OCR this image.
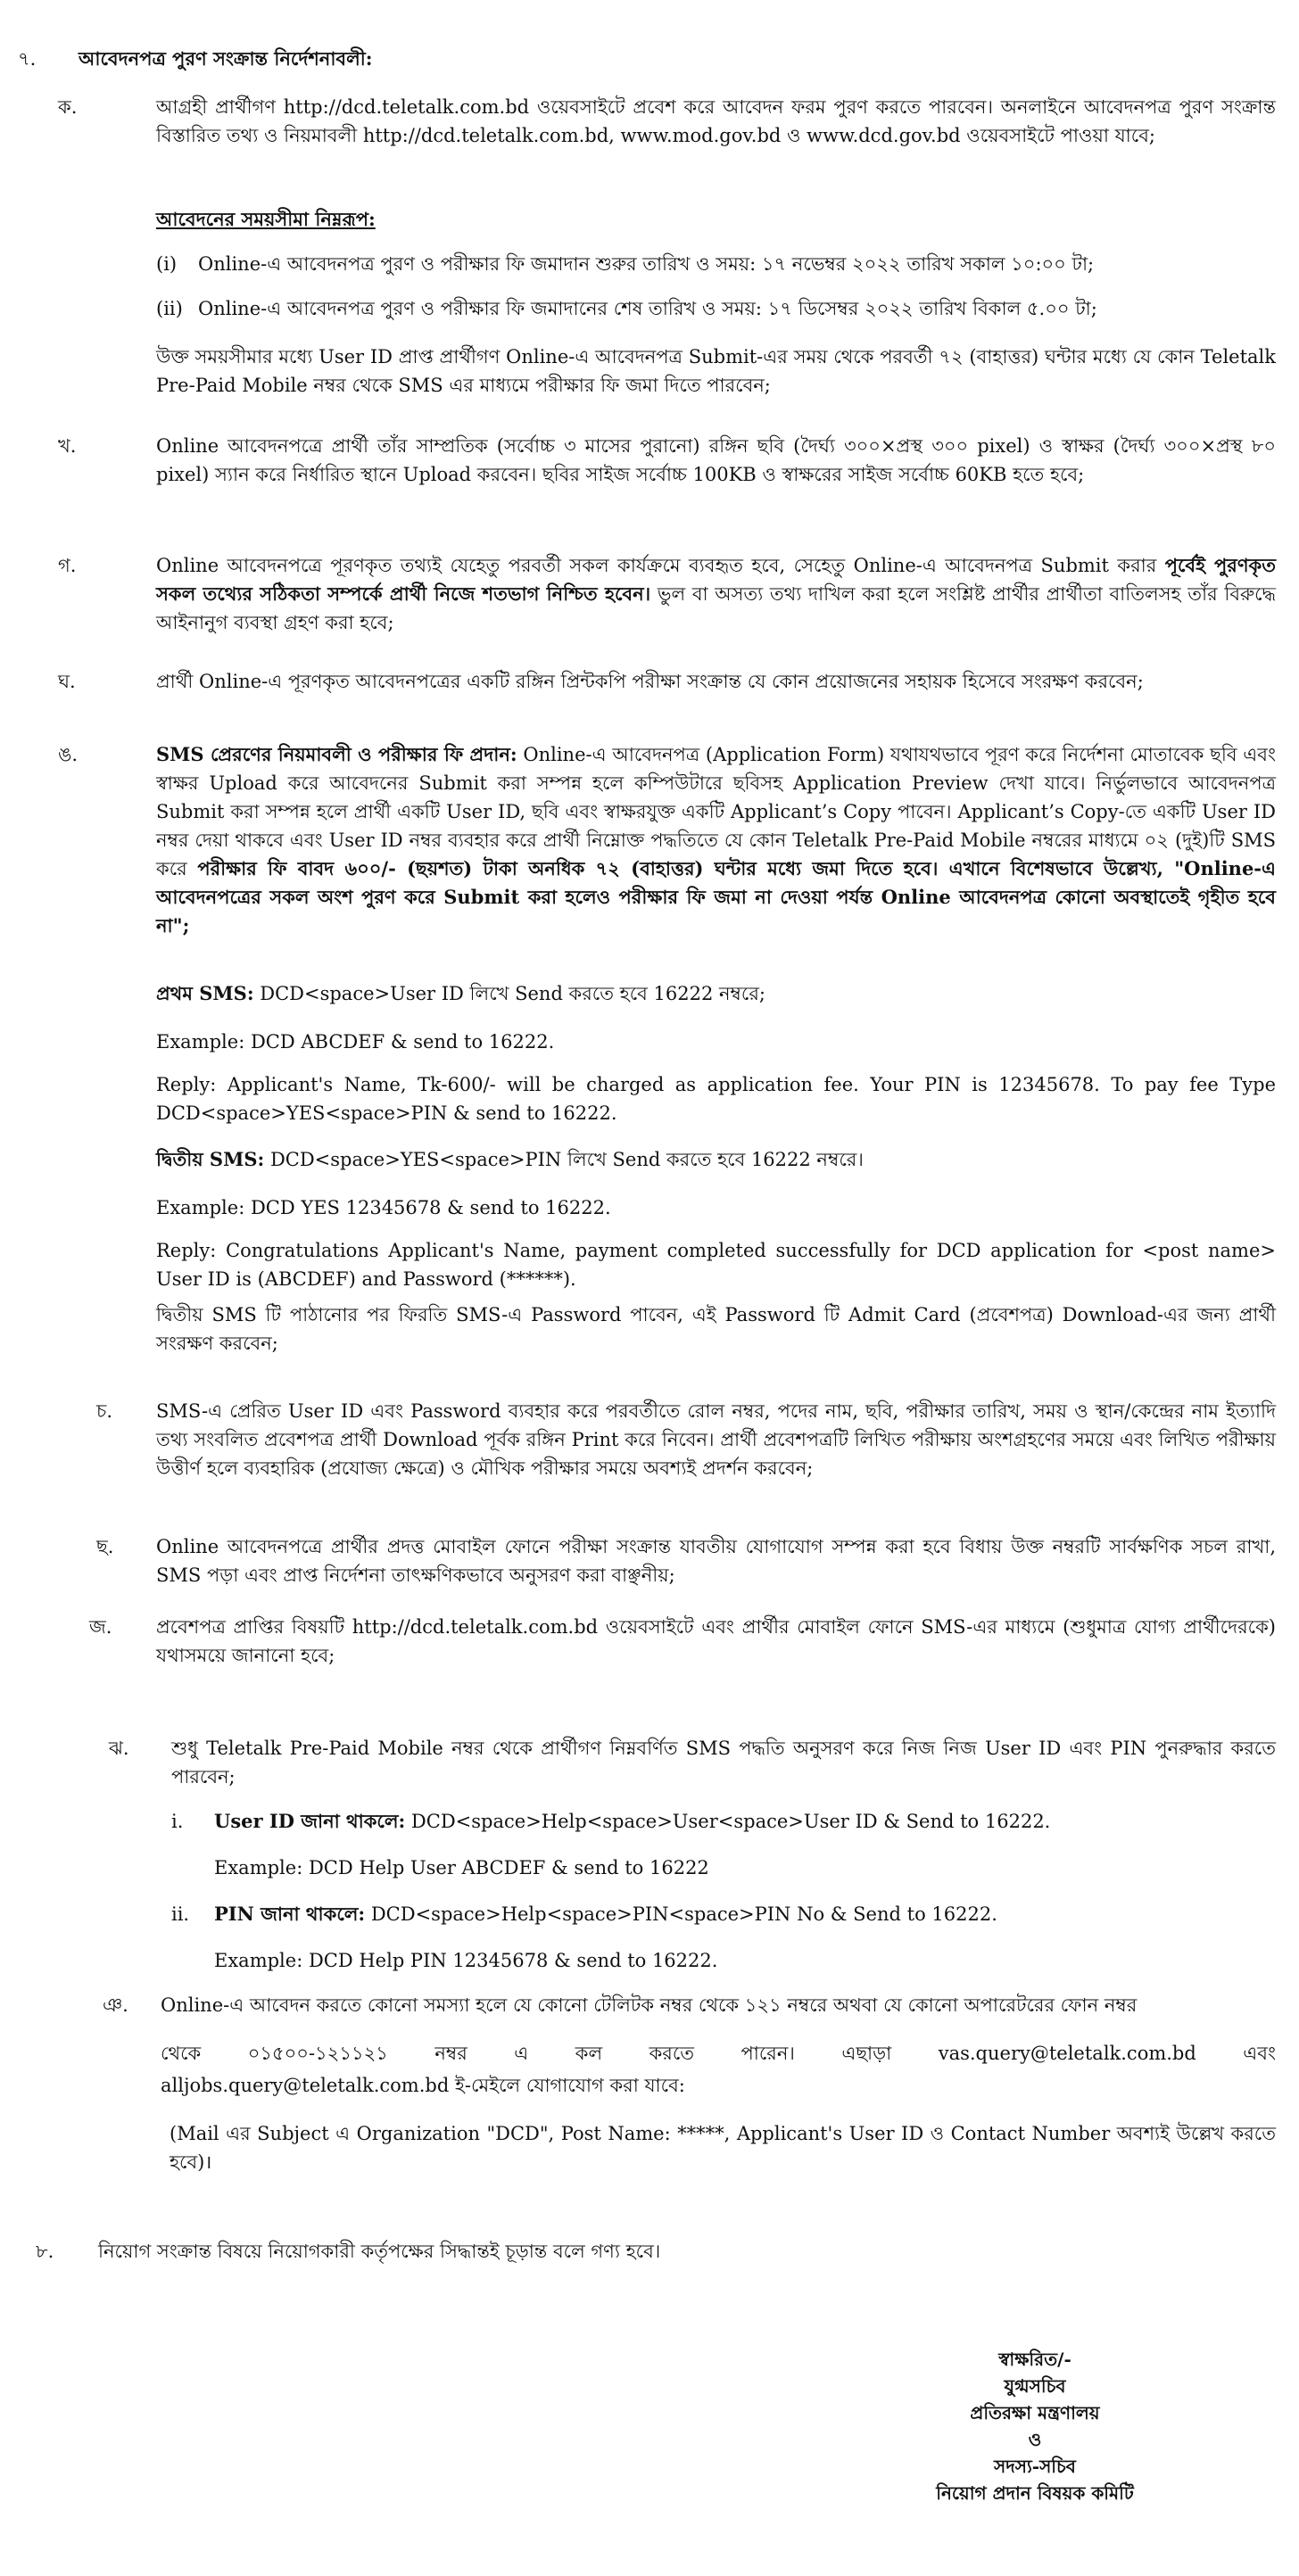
৭. আবেদনপত্র পুরণ সংক্রান্ত নির্দেশনাবলী:
ক.	আগ্রহী প্রার্থীগণ http://dcd.teletalk.com.bd ওয়েবসাইটে প্রবেশ করে আবেদন ফরম পুরণ করতে পারবেন। অনলাইনে আবেদনপত্র পুরণ সংক্রান্ত বিস্তারিত তথ্য ও নিয়মাবলী http://dcd.teletalk.com.bd, www.mod.gov.bd ও www.dcd.gov.bd ওয়েবসাইটে পাওয়া যাবে;
আবেদনের সময়সীমা নিম্নরূপ:
(i) Online-এ আবেদনপত্র পুরণ ও পরীক্ষার ফি জমাদান শুরুর তারিখ ও সময়: ১৭ নভেম্বর ২০২২ তারিখ সকাল ১০:০০ টা;
(ii) Online-এ আবেদনপত্র পুরণ ও পরীক্ষার ফি জমাদানের শেষ তারিখ ও সময়: ১৭ ডিসেম্বর ২০২২ তারিখ বিকাল ৫.০০ টা;
উক্ত সময়সীমার মধ্যে User ID প্রাপ্ত প্রার্থীগণ Online-এ আবেদনপত্র Submit-এর সময় থেকে পরবর্তী ৭২ (বাহাত্তর) ঘন্টার মধ্যে যে কোন Teletalk Pre-Paid Mobile নম্বর থেকে SMS এর মাধ্যমে পরীক্ষার ফি জমা দিতে পারবেন;
খ.	Online আবেদনপত্রে প্রার্থী তাঁর সাম্প্রতিক (সর্বোচ্চ ৩ মাসের পুরানো) রঙ্গিন ছবি (দৈর্ঘ্য ৩০০×প্রস্থ ৩০০ pixel) ও স্বাক্ষর (দৈর্ঘ্য ৩০০×প্রস্থ ৮০ pixel) স্যান করে নির্ধারিত স্থানে Upload করবেন। ছবির সাইজ সর্বোচ্চ 100KB ও স্বাক্ষরের সাইজ সর্বোচ্চ 60KB হতে হবে;
গ.	Online আবেদনপত্রে পূরণকৃত তথ্যই যেহেতু পরবর্তী সকল কার্যক্রমে ব্যবহৃত হবে, সেহেতু Online-এ আবেদনপত্র Submit করার পূর্বেই পুরণকৃত সকল তথ্যের সঠিকতা সম্পর্কে প্রার্থী নিজে শতভাগ নিশ্চিত হবেন। ভুল বা অসত্য তথ্য দাখিল করা হলে সংশ্লিষ্ট প্রার্থীর প্রার্থীতা বাতিলসহ তাঁর বিরুদ্ধে আইনানুগ ব্যবস্থা গ্রহণ করা হবে;
ঘ.	প্রার্থী Online-এ পূরণকৃত আবেদনপত্রের একটি রঙ্গিন প্রিন্টকপি পরীক্ষা সংক্রান্ত যে কোন প্রয়োজনের সহায়ক হিসেবে সংরক্ষণ করবেন;
ঙ.	SMS প্রেরণের নিয়মাবলী ও পরীক্ষার ফি প্রদান: Online-এ আবেদনপত্র (Application Form) যথাযথভাবে পূরণ করে নির্দেশনা মোতাবেক ছবি এবং স্বাক্ষর Upload করে আবেদনের Submit করা সম্পন্ন হলে কম্পিউটারে ছবিসহ Application Preview দেখা যাবে। নির্ভুলভাবে আবেদনপত্র Submit করা সম্পন্ন হলে প্রার্থী একটি User ID, ছবি এবং স্বাক্ষরযুক্ত একটি Applicant’s Copy পাবেন। Applicant’s Copy-তে একটি User ID নম্বর দেয়া থাকবে এবং User ID নম্বর ব্যবহার করে প্রার্থী নিম্নোক্ত পদ্ধতিতে যে কোন Teletalk Pre-Paid Mobile নম্বরের মাধ্যমে ০২ (দুই)টি SMS করে পরীক্ষার ফি বাবদ ৬০০/- (ছয়শত) টাকা অনধিক ৭২ (বাহাত্তর) ঘন্টার মধ্যে জমা দিতে হবে। এখানে বিশেষভাবে উল্লেখ্য, "Online-এ আবেদনপত্রের সকল অংশ পুরণ করে Submit করা হলেও পরীক্ষার ফি জমা না দেওয়া পর্যন্ত Online আবেদনপত্র কোনো অবস্থাতেই গৃহীত হবে না";
প্রথম SMS: DCD<space>User ID লিখে Send করতে হবে 16222 নম্বরে;
Example: DCD ABCDEF & send to 16222.
Reply: Applicant's Name, Tk-600/- will be charged as application fee. Your PIN is 12345678. To pay fee Type DCD<space>YES<space>PIN & send to 16222.
দ্বিতীয় SMS: DCD<space>YES<space>PIN লিখে Send করতে হবে 16222 নম্বরে।
Example: DCD YES 12345678 & send to 16222.
Reply: Congratulations Applicant's Name, payment completed successfully for DCD application for <post name> User ID is (ABCDEF) and Password (******).
দ্বিতীয় SMS টি পাঠানোর পর ফিরতি SMS-এ Password পাবেন, এই Password টি Admit Card (প্রবেশপত্র) Download-এর জন্য প্রার্থী সংরক্ষণ করবেন;
চ. SMS-এ প্রেরিত User ID এবং Password ব্যবহার করে পরবর্তীতে রোল নম্বর, পদের নাম, ছবি, পরীক্ষার তারিখ, সময় ও স্থান/কেন্দ্রের নাম ইত্যাদি তথ্য সংবলিত প্রবেশপত্র প্রার্থী Download পূর্বক রঙ্গিন Print করে নিবেন। প্রার্থী প্রবেশপত্রটি লিখিত পরীক্ষায় অংশগ্রহণের সময়ে এবং লিখিত পরীক্ষায় উত্তীর্ণ হলে ব্যবহারিক (প্রযোজ্য ক্ষেত্রে) ও মৌখিক পরীক্ষার সময়ে অবশ্যই প্রদর্শন করবেন;
ছ. Online আবেদনপত্রে প্রার্থীর প্রদত্ত মোবাইল ফোনে পরীক্ষা সংক্রান্ত যাবতীয় যোগাযোগ সম্পন্ন করা হবে বিধায় উক্ত নম্বরটি সার্বক্ষণিক সচল রাখা, SMS পড়া এবং প্রাপ্ত নির্দেশনা তাৎক্ষণিকভাবে অনুসরণ করা বাঞ্ছনীয়;
জ. প্রবেশপত্র প্রাপ্তির বিষয়টি http://dcd.teletalk.com.bd ওয়েবসাইটে এবং প্রার্থীর মোবাইল ফোনে SMS-এর মাধ্যমে (শুধুমাত্র যোগ্য প্রার্থীদেরকে) যথাসময়ে জানানো হবে;
ঝ. শুধু Teletalk Pre-Paid Mobile নম্বর থেকে প্রার্থীগণ নিম্নবর্ণিত SMS পদ্ধতি অনুসরণ করে নিজ নিজ User ID এবং PIN পুনরুদ্ধার করতে পারবেন;
i. User ID জানা থাকলে: DCD<space>Help<space>User<space>User ID & Send to 16222.
Example: DCD Help User ABCDEF & send to 16222
ii. PIN জানা থাকলে: DCD<space>Help<space>PIN<space>PIN No & Send to 16222.
Example: DCD Help PIN 12345678 & send to 16222.
ঞ. Online-এ আবেদন করতে কোনো সমস্যা হলে যে কোনো টেলিটক নম্বর থেকে ১২১ নম্বরে অথবা যে কোনো অপারেটরের ফোন নম্বর
থেকে ০১৫০০-১২১১২১ নম্বর এ কল করতে পারেন। এছাড়া vas.query@teletalk.com.bd এবং
alljobs.query@teletalk.com.bd ই-মেইলে যোগাযোগ করা যাবে:
(Mail এর Subject এ Organization "DCD", Post Name: *****, Applicant's User ID ও Contact Number অবশ্যই উল্লেখ করতে হবে)।
৮. নিয়োগ সংক্রান্ত বিষয়ে নিয়োগকারী কর্তৃপক্ষের সিদ্ধান্তই চূড়ান্ত বলে গণ্য হবে।
স্বাক্ষরিত/-
যুগ্মসচিব
প্রতিরক্ষা মন্ত্রণালয়
ও
সদস্য-সচিব
নিয়োগ প্রদান বিষয়ক কমিটি
